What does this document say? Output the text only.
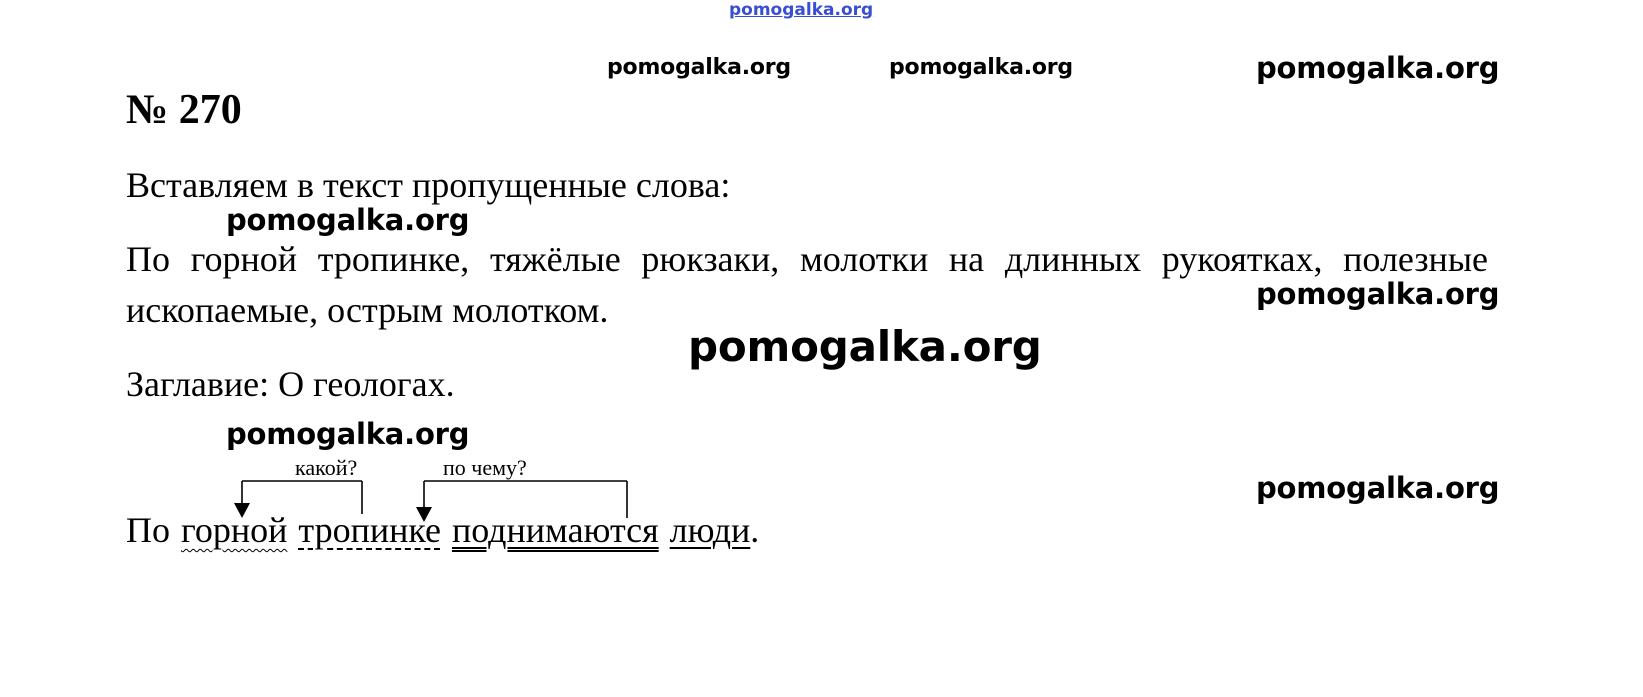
pomogalka.org
pomogalka.org	pomogalka.org	pomogalka.org
№ 270
Вставляем в текст пропущенные слова:
pomogalka.org
По горной тропинке, тяжёлые рюкзаки, молотки на длинных рукоятках, полезные ископаемые, острым молотком.	pomogalka.org
pomogalka.org
Заглавие: О геологах.
pomogalka.org
pomogalka.org
какой?	по чему?
По горной тропинке поднимаются люди .
